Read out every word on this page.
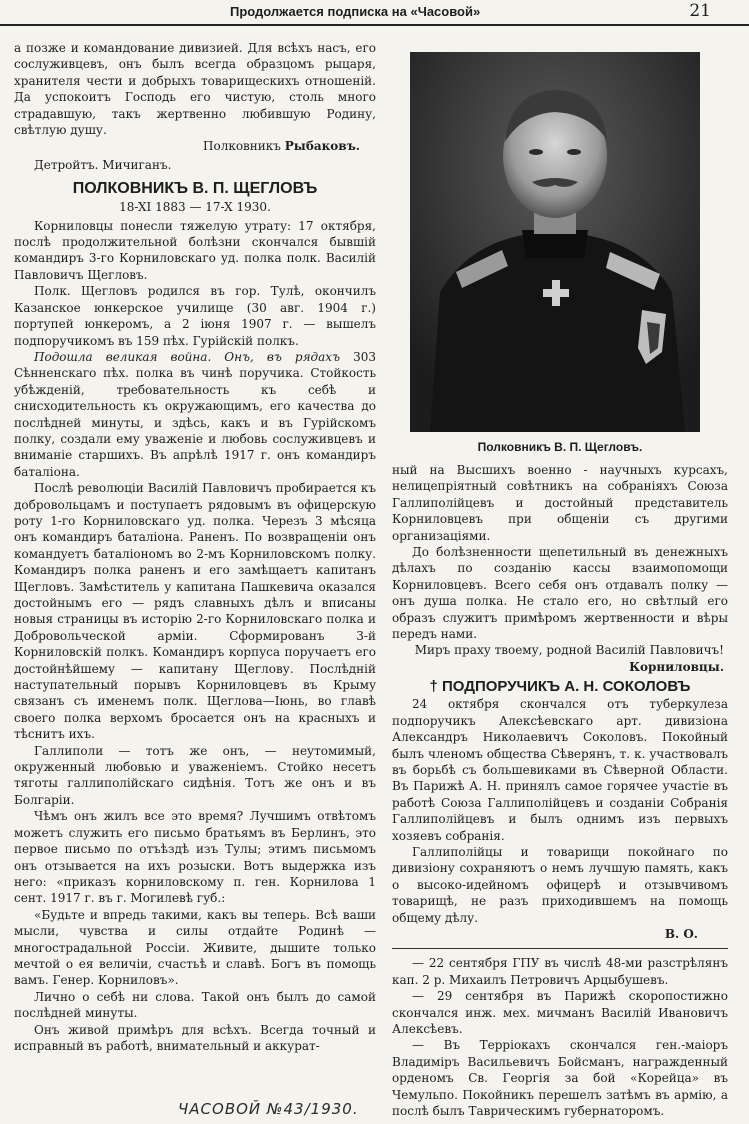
Продолжается подписка на «Часовой»	21

а позже и командование дивизией. Для всѣхъ насъ, его сослуживцевъ, онъ былъ всегда образцомъ рыцаря, хранителя чести и добрыхъ товарищескихъ отношеній. Да успокоитъ Господь его чистую, столь много страдавшую, такъ жертвенно любившую Родину, свѣтлую душу.

Полковникъ Рыбаковъ.

Детройтъ. Мичиганъ.

ПОЛКОВНИКЪ В. П. ЩЕГЛОВЪ
18-XI 1883 — 17-X 1930.

Корниловцы понесли тяжелую утрату: 17 октября, послѣ продолжительной болѣзни скончался бывшій командиръ 3-го Корниловскаго уд. полка полк. Василій Павловичъ Щегловъ.

Полк. Щегловъ родился въ гор. Тулѣ, окончилъ Казанское юнкерское училище (30 авг. 1904 г.) портупей юнкеромъ, а 2 іюня 1907 г. — вышелъ подпоручикомъ въ 159 пѣх. Гурійскій полкъ.

Подошла великая война. Онъ, въ рядахъ 303 Сѣнненскаго пѣх. полка въ чинѣ поручика. Стойкость убѣжденій, требовательность къ себѣ и снисходительность къ окружающимъ, его качества до послѣдней минуты, и здѣсь, какъ и въ Гурійскомъ полку, создали ему уваженіе и любовь сослуживцевъ и вниманіе старшихъ. Въ апрѣлѣ 1917 г. онъ командиръ баталіона.

Послѣ революціи Василій Павловичъ пробирается къ добровольцамъ и поступаетъ рядовымъ въ офицерскую роту 1-го Корниловскаго уд. полка. Черезъ 3 мѣсяца онъ командиръ баталіона. Раненъ. По возвращеніи онъ командуетъ баталіономъ во 2-мъ Корниловскомъ полку. Командиръ полка раненъ и его замѣщаетъ капитанъ Щегловъ. Замѣститель у капитана Пашкевича оказался достойнымъ его — рядъ славныхъ дѣлъ и вписаны новыя страницы въ исторію 2-го Корниловскаго полка и Добровольческой арміи. Сформированъ 3-й Корниловскій полкъ. Командиръ корпуса поручаетъ его достойнѣйшему — капитану Щеглову. Послѣдній наступательный порывъ Корниловцевъ въ Крыму связанъ съ именемъ полк. Щеглова—Іюнь, во главѣ своего полка верхомъ бросается онъ на красныхъ и тѣснитъ ихъ.

Галлиполи — тотъ же онъ, — неутомимый, окруженный любовью и уваженіемъ. Стойко несетъ тяготы галлиполійскаго сидѣнія. Тотъ же онъ и въ Болгаріи.

Чѣмъ онъ жилъ все это время? Лучшимъ отвѣтомъ можетъ служить его письмо братьямъ въ Берлинъ, это первое письмо по отъѣздѣ изъ Тулы; этимъ письмомъ онъ отзывается на ихъ розыски. Вотъ выдержка изъ него: «приказъ корниловскому п. ген. Корнилова 1 сент. 1917 г. въ г. Могилевѣ губ.:

«Будьте и впредь такими, какъ вы теперь. Всѣ ваши мысли, чувства и силы отдайте Родинѣ — многострадальной Россіи. Живите, дышите только мечтой о ея величіи, счастьѣ и славѣ. Богъ въ помощь вамъ. Генер. Корниловъ».

Лично о себѣ ни слова. Такой онъ былъ до самой послѣдней минуты.

Онъ живой примѣръ для всѣхъ. Всегда точный и исправный въ работѣ, внимательный и аккурат-

Полковникъ В. П. Щегловъ.

ный на Высшихъ военно - научныхъ курсахъ, нелицепріятный совѣтникъ на собраніяхъ Союза Галлиполійцевъ и достойный представитель Корниловцевъ при общеніи съ другими организаціями.

До болѣзненности щепетильный въ денежныхъ дѣлахъ по созданію кассы взаимопомощи Корниловцевъ. Всего себя онъ отдавалъ полку — онъ душа полка. Не стало его, но свѣтлый его образъ служитъ примѣромъ жертвенности и вѣры передъ нами.

Миръ праху твоему, родной Василій Павловичъ!

Корниловцы.

† ПОДПОРУЧИКЪ А. Н. СОКОЛОВЪ

24 октября скончался отъ туберкулеза подпоручикъ Алексѣевскаго арт. дивизіона Александръ Николаевичъ Соколовъ. Покойный былъ членомъ общества Сѣверянъ, т. к. участвовалъ въ борьбѣ съ большевиками въ Сѣверной Области. Въ Парижѣ А. Н. принялъ самое горячее участіе въ работѣ Союза Галлиполійцевъ и созданіи Собранія Галлиполійцевъ и былъ однимъ изъ первыхъ хозяевъ собранія.

Галлиполійцы и товарищи покойнаго по дивизіону сохраняютъ о немъ лучшую память, какъ о высоко-идейномъ офицерѣ и отзывчивомъ товарищѣ, не разъ приходившемъ на помощь общему дѣлу.

В. О.

— 22 сентября ГПУ въ числѣ 48-ми разстрѣлянъ кап. 2 р. Михаилъ Петровичъ Арцыбушевъ.

— 29 сентября въ Парижѣ скоропостижно скончался инж. мех. мичманъ Василій Ивановичъ Алексѣевъ.

— Въ Терріокахъ скончался ген.-маіоръ Владиміръ Васильевичъ Бойсманъ, награжденный орденомъ Св. Георгія за бой «Корейца» въ Чемульпо. Покойникъ перешелъ затѣмъ въ армію, а послѣ былъ Таврическимъ губернаторомъ.

ЧАСОВОЙ №43/1930.
